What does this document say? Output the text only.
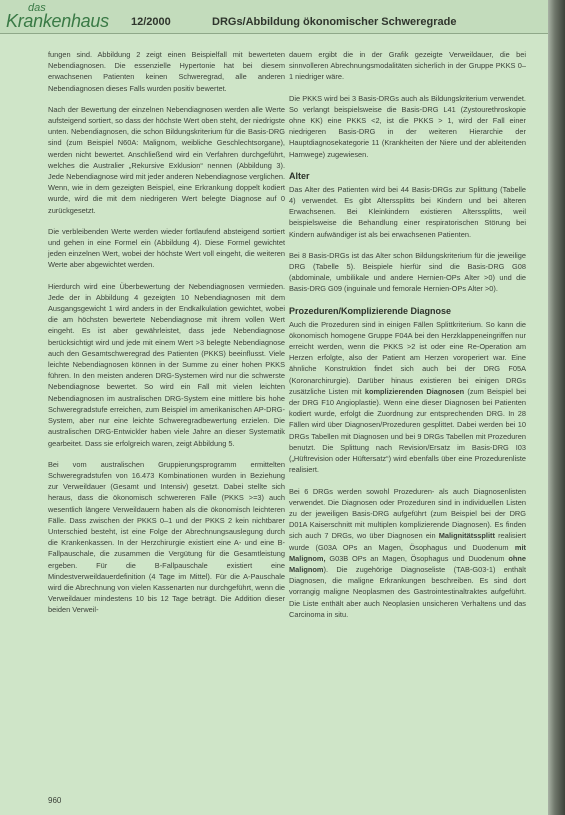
das
Krankenhaus 12/2000	DRGs/Abbildung ökonomischer Schweregrade

fungen sind. Abbildung 2 zeigt einen Beispielfall mit bewerteten Nebendiagnosen. Die essenzielle Hypertonie hat bei diesem erwachsenen Patienten keinen Schweregrad, alle anderen Nebendiagnosen dieses Falls wurden positiv bewertet.

Nach der Bewertung der einzelnen Nebendiagnosen werden alle Werte aufsteigend sortiert, so dass der höchste Wert oben steht, der niedrigste unten. Nebendiagnosen, die schon Bildungskriterium für die Basis-DRG sind (zum Beispiel N60A: Malignom, weibliche Geschlechtsorgane), werden nicht bewertet. Anschließend wird ein Verfahren durchgeführt, welches die Australier „Rekursive Exklusion“ nennen (Abbildung 3). Jede Nebendiagnose wird mit jeder anderen Nebendiagnose verglichen. Wenn, wie in dem gezeigten Beispiel, eine Erkrankung doppelt kodiert wurde, wird die mit dem niedrigeren Wert belegte Diagnose auf 0 zurückgesetzt.

Die verbleibenden Werte werden wieder fortlaufend absteigend sortiert und gehen in eine Formel ein (Abbildung 4). Diese Formel gewichtet jeden einzelnen Wert, wobei der höchste Wert voll eingeht, die weiteren Werte aber abgewichtet werden.

Hierdurch wird eine Überbewertung der Nebendiagnosen vermieden. Jede der in Abbildung 4 gezeigten 10 Nebendiagnosen mit dem Ausgangsgewicht 1 wird anders in der Endkalkulation gewichtet, wobei die am höchsten bewertete Nebendiagnose mit ihrem vollen Wert eingeht. Es ist aber gewährleistet, dass jede Nebendiagnose berücksichtigt wird und jede mit einem Wert >3 belegte Nebendiagnose auch den Gesamtschweregrad des Patienten (PKKS) beeinflusst. Viele leichte Nebendiagnosen können in der Summe zu einer hohen PKKS führen. In den meisten anderen DRG-Systemen wird nur die schwerste Nebendiagnose bewertet. So wird ein Fall mit vielen leichten Nebendiagnosen im australischen DRG-System eine mittlere bis hohe Schweregradstufe erreichen, zum Beispiel im amerikanischen AP-DRG-System, aber nur eine leichte Schweregradbewertung erzielen. Die australischen DRG-Entwickler haben viele Jahre an dieser Systematik gearbeitet. Dass sie erfolgreich waren, zeigt Abbildung 5.

Bei vom australischen Gruppierungsprogramm ermittelten Schweregradstufen von 16.473 Kombinationen wurden in Beziehung zur Verweildauer (Gesamt und Intensiv) gesetzt. Dabei stellte sich heraus, dass die ökonomisch schwereren Fälle (PKKS >=3) auch wesentlich längere Verweildauern haben als die ökonomisch leichteren Fälle. Dass zwischen der PKKS 0–1 und der PKKS 2 kein nichtbarer Unterschied besteht, ist eine Folge der Abrechnungsauslegung durch die Krankenkassen. In der Herzchirurgie existiert eine A- und eine B-Fallpauschale, die zusammen die Vergütung für die Gesamtleistung ergeben. Für die B-Fallpauschale existiert eine Mindestverweildauerdefinition (4 Tage im Mittel). Für die A-Pauschale wird die Abrechnung von vielen Kassenarten nur durchgeführt, wenn die Verweildauer mindestens 10 bis 12 Tage beträgt. Die Addition dieser beiden Verweil-

dauern ergibt die in der Grafik gezeigte Verweildauer, die bei sinnvolleren Abrechnungsmodalitäten sicherlich in der Gruppe PKKS 0–1 niedriger wäre.

Die PKKS wird bei 3 Basis-DRGs auch als Bildungskriterium verwendet. So verlangt beispielsweise die Basis-DRG L41 (Zystourethroskopie ohne KK) eine PKKS <2, ist die PKKS > 1, wird der Fall einer niedrigeren Basis-DRG in der weiteren Hierarchie der Hauptdiagnosekategorie 11 (Krankheiten der Niere und der ableitenden Harnwege) zugewiesen.

Alter

Das Alter des Patienten wird bei 44 Basis-DRGs zur Splittung (Tabelle 4) verwendet. Es gibt Alterssplitts bei Kindern und bei älteren Erwachsenen. Bei Kleinkindern existieren Alterssplitts, weil beispielsweise die Behandlung einer respiratorischen Störung bei Kindern aufwändiger ist als bei erwachsenen Patienten.

Bei 8 Basis-DRGs ist das Alter schon Bildungskriterium für die jeweilige DRG (Tabelle 5). Beispiele hierfür sind die Basis-DRG G08 (abdominale, umbilikale und andere Hernien-OPs Alter >0) und die Basis-DRG G09 (inguinale und femorale Hernien-OPs Alter >0).

Prozeduren/Komplizierende Diagnose

Auch die Prozeduren sind in einigen Fällen Splittkriterium. So kann die ökonomisch homogene Gruppe F04A bei den Herzklappeneingriffen nur erreicht werden, wenn die PKKS >2 ist oder eine Re-Operation am Herzen erfolgte, also der Patient am Herzen voroperiert war. Eine ähnliche Konstruktion findet sich auch bei der DRG F05A (Koronarchirurgie). Darüber hinaus existieren bei einigen DRGs zusätzliche Listen mit komplizierenden Diagnosen (zum Beispiel bei der DRG F10 Angioplastie). Wenn eine dieser Diagnosen bei Patienten kodiert wurde, erfolgt die Zuordnung zur entsprechenden DRG. In 28 Fällen wird über Diagnosen/Prozeduren gesplittet. Dabei werden bei 10 DRGs Tabellen mit Diagnosen und bei 9 DRGs Tabellen mit Prozeduren benutzt. Die Splittung nach Revision/Ersatz im Basis-DRG I03 („Hüftrevision oder Hüftersatz“) wird ebenfalls über eine Prozedurenliste realisiert.

Bei 6 DRGs werden sowohl Prozeduren- als auch Diagnosenlisten verwendet. Die Diagnosen oder Prozeduren sind in individuellen Listen zu der jeweiligen Basis-DRG aufgeführt (zum Beispiel bei der DRG D01A Kaiserschnitt mit multiplen komplizierende Diagnosen). Es finden sich auch 7 DRGs, wo über Diagnosen ein Malignitätssplitt realisiert wurde (G03A OPs an Magen, Ösophagus und Duodenum mit Malignom, G03B OPs an Magen, Ösophagus und Duodenum ohne Malignom). Die zugehörige Diagnoseliste (TAB-G03-1) enthält Diagnosen, die maligne Erkrankungen beschreiben. Es sind dort vorrangig maligne Neoplasmen des Gastrointestinaltraktes aufgeführt. Die Liste enthält aber auch Neoplasien unsicheren Verhaltens und das Carcinoma in situ.

960
